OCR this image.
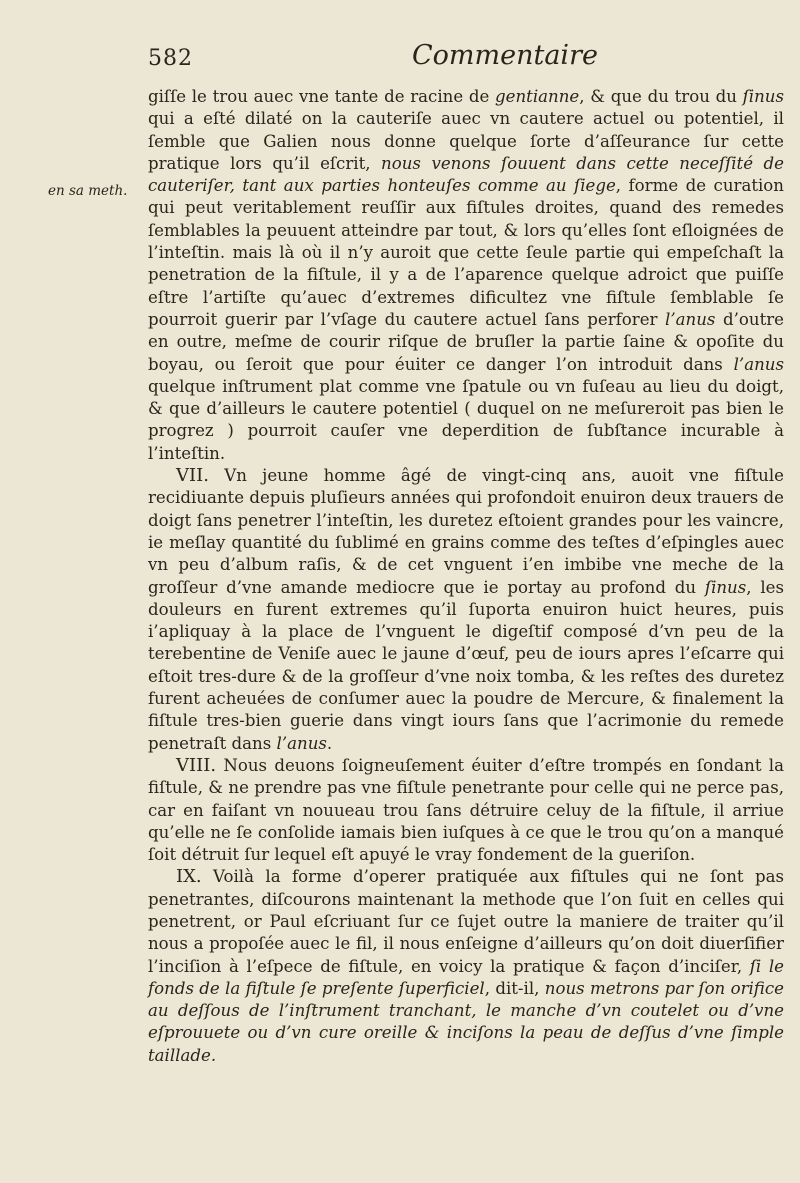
582	Commentaire
en sa meth.

giſſe le trou auec vne tante de racine de gentianne, & que du trou du ſinus qui a eſté dilaté on la cauteriſe auec vn cautere actuel ou potentiel, il ſemble que Galien nous donne quelque ſorte d’aſſeurance ſur cette pratique lors qu’il eſcrit, nous venons ſouuent dans cette neceſſité de cauteriſer, tant aux parties honteuſes comme au ſiege, forme de curation qui peut veritablement reuſſir aux fiſtules droites, quand des remedes ſemblables la peuuent atteindre par tout, & lors qu’elles ſont eſloignées de l’inteſtin. mais là où il n’y auroit que cette ſeule partie qui empeſchaſt la penetration de la fiſtule, il y a de l’aparence quelque adroict que puiſſe eſtre l’artiſte qu’auec d’extremes dificultez vne fiſtule ſemblable ſe pourroit guerir par l’vſage du cautere actuel ſans perforer l’anus d’outre en outre, meſme de courir riſque de bruſler la partie ſaine & opoſite du boyau, ou ſeroit que pour éuiter ce danger l’on introduit dans l’anus quelque inſtrument plat comme vne ſpatule ou vn fuſeau au lieu du doigt, & que d’ailleurs le cautere potentiel ( duquel on ne meſureroit pas bien le progrez ) pourroit cauſer vne deperdition de ſubſtance incurable à l’inteſtin.

VII. Vn jeune homme âgé de vingt-cinq ans, auoit vne fiſtule recidiuante depuis pluſieurs années qui profondoit enuiron deux trauers de doigt ſans penetrer l’inteſtin, les duretez eſtoient grandes pour les vaincre, ie meſlay quantité du ſublimé en grains comme des teſtes d’eſpingles auec vn peu d’album raſis, & de cet vnguent i’en imbibe vne meche de la groſſeur d’vne amande mediocre que ie portay au profond du ſinus, les douleurs en furent extremes qu’il ſuporta enuiron huict heures, puis i’apliquay à la place de l’vnguent le digeſtif composé d’vn peu de la terebentine de Veniſe auec le jaune d’œuf, peu de iours apres l’eſcarre qui eſtoit tres-dure & de la groſſeur d’vne noix tomba, & les reſtes des duretez furent acheuées de conſumer auec la poudre de Mercure, & finalement la fiſtule tres-bien guerie dans vingt iours ſans que l’acrimonie du remede penetraſt dans l’anus.

VIII. Nous deuons ſoigneuſement éuiter d’eſtre trompés en ſondant la fiſtule, & ne prendre pas vne fiſtule penetrante pour celle qui ne perce pas, car en faiſant vn nouueau trou ſans détruire celuy de la fiſtule, il arriue qu’elle ne ſe conſolide iamais bien iuſques à ce que le trou qu’on a manqué ſoit détruit ſur lequel eſt apuyé le vray fondement de la gueriſon.

IX. Voilà la forme d’operer pratiquée aux fiſtules qui ne ſont pas penetrantes, diſcourons maintenant la methode que l’on ſuit en celles qui penetrent, or Paul eſcriuant ſur ce ſujet outre la maniere de traiter qu’il nous a propoſée auec le fil, il nous enſeigne d’ailleurs qu’on doit diuerſifier l’inciſion à l’eſpece de fiſtule, en voicy la pratique & façon d’inciſer, ſi le fonds de la fiſtule ſe preſente ſuperficiel, dit-il, nous metrons par ſon orifice au deſſous de l’inſtrument tranchant, le manche d’vn coutelet ou d’vne eſprouuete ou d’vn cure oreille & inciſons la peau de deſſus d’vne ſimple taillade.
